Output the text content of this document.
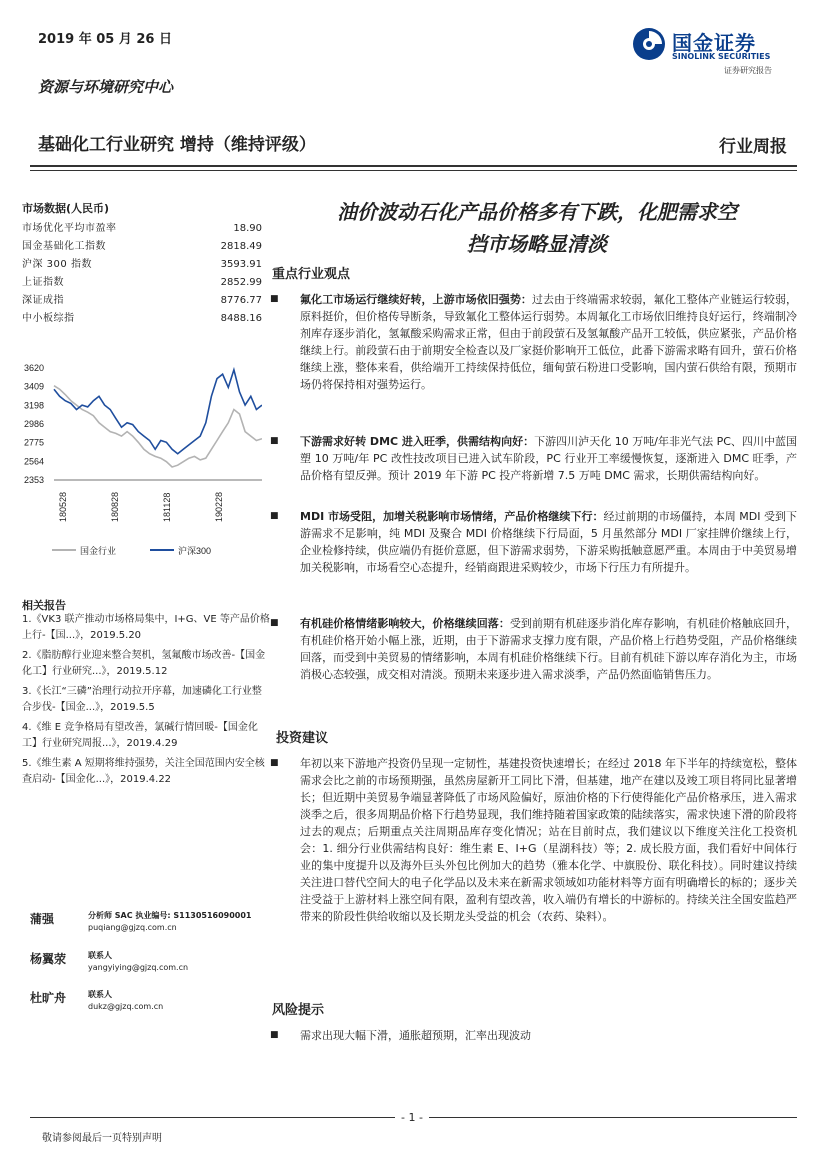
2019 年 05 月 26 日	国金证券
SINOLINK SECURITIES
证券研究报告
资源与环境研究中心
基础化工行业研究 增持（维持评级）	行业周报
市场数据(人民币)
市场优化平均市盈率	18.90
国金基础化工指数	2818.49
沪深 300 指数	3593.91
上证指数	2852.99
深证成指	8776.77
中小板综指	8488.16
3620
3409
3198
2986
2775
2564
2353
180528	180828	181128	190228
国金行业	沪深300
相关报告
1.《VK3 联产推动市场格局集中，I+G、VE 等产品价格上行-【国...》，2019.5.20
2.《脂肪醇行业迎来整合契机，氢氟酸市场改善-【国金化工】行业研究...》，2019.5.12
3.《长江“三磷”治理行动拉开序幕，加速磷化工行业整合步伐-【国金...》，2019.5.5
4.《维 E 竞争格局有望改善，氯碱行情回暖-【国金化工】行业研究周报...》，2019.4.29
5.《维生素 A 短期将维持强势，关注全国范围内安全核查启动-【国金化...》，2019.4.22
蒲强	分析师 SAC 执业编号: S1130516090001
puqiang@gjzq.com.cn
杨翼荥	联系人
yangyiying@gjzq.com.cn
杜旷舟	联系人
dukz@gjzq.com.cn
油价波动石化产品价格多有下跌，化肥需求空
挡市场略显清淡
重点行业观点
■ 氟化工市场运行继续好转，上游市场依旧强势：过去由于终端需求较弱，氟化工整体产业链运行较弱，原料挺价，但价格传导断条，导致氟化工整体运行弱势。本周氟化工市场依旧维持良好运行，终端制冷剂库存逐步消化，氢氟酸采购需求正常，但由于前段萤石及氢氟酸产品开工较低，供应紧张，产品价格继续上行。前段萤石由于前期安全检查以及厂家挺价影响开工低位，此番下游需求略有回升，萤石价格继续上涨，整体来看，供给端开工持续保持低位，缅甸萤石粉进口受影响，国内萤石供给有限，预期市场仍将保持相对强势运行。
■ 下游需求好转 DMC 进入旺季，供需结构向好：下游四川泸天化 10 万吨/年非光气法 PC、四川中蓝国塑 10 万吨/年 PC 改性技改项目已进入试车阶段，PC 行业开工率缓慢恢复，逐渐进入 DMC 旺季，产品价格有望反弹。预计 2019 年下游 PC 投产将新增 7.5 万吨 DMC 需求，长期供需结构向好。
■ MDI 市场受阻，加增关税影响市场情绪，产品价格继续下行：经过前期的市场僵持，本周 MDI 受到下游需求不足影响，纯 MDI 及聚合 MDI 价格继续下行局面，5 月虽然部分 MDI 厂家挂牌价继续上行，企业检修持续，供应端仍有挺价意愿，但下游需求弱势，下游采购抵触意愿严重。本周由于中美贸易增加关税影响，市场看空心态提升，经销商跟进采购较少，市场下行压力有所提升。
■ 有机硅价格情绪影响较大，价格继续回落：受到前期有机硅逐步消化库存影响，有机硅价格触底回升，有机硅价格开始小幅上涨，近期，由于下游需求支撑力度有限，产品价格上行趋势受阻，产品价格继续回落，而受到中美贸易的情绪影响，本周有机硅价格继续下行。目前有机硅下游以库存消化为主，市场消极心态较强，成交相对清淡。预期未来逐步进入需求淡季，产品仍然面临销售压力。
投资建议
■ 年初以来下游地产投资仍呈现一定韧性，基建投资快速增长；在经过 2018 年下半年的持续宽松，整体需求会比之前的市场预期强，虽然房屋新开工同比下滑，但基建，地产在建以及竣工项目将同比显著增长；但近期中美贸易争端显著降低了市场风险偏好，原油价格的下行使得能化产品价格承压，进入需求淡季之后，很多周期品价格下行趋势显现，我们维持随着国家政策的陆续落实，需求快速下滑的阶段将过去的观点；后期重点关注周期品库存变化情况；站在目前时点，我们建议以下维度关注化工投资机会：1. 细分行业供需结构良好：维生素 E、I+G（星湖科技）等；2. 成长股方面，我们看好中间体行业的集中度提升以及海外巨头外包比例加大的趋势（雅本化学、中旗股份、联化科技）。同时建议持续关注进口替代空间大的电子化学品以及未来在新需求领域如功能材料等方面有明确增长的标的；逐步关注受益于上游材料上涨空间有限，盈利有望改善，收入端仍有增长的中游标的。持续关注全国安监趋严带来的阶段性供给收缩以及长期龙头受益的机会（农药、染料）。
风险提示
■ 需求出现大幅下滑，通胀超预期，汇率出现波动
- 1 -
敬请参阅最后一页特别声明
